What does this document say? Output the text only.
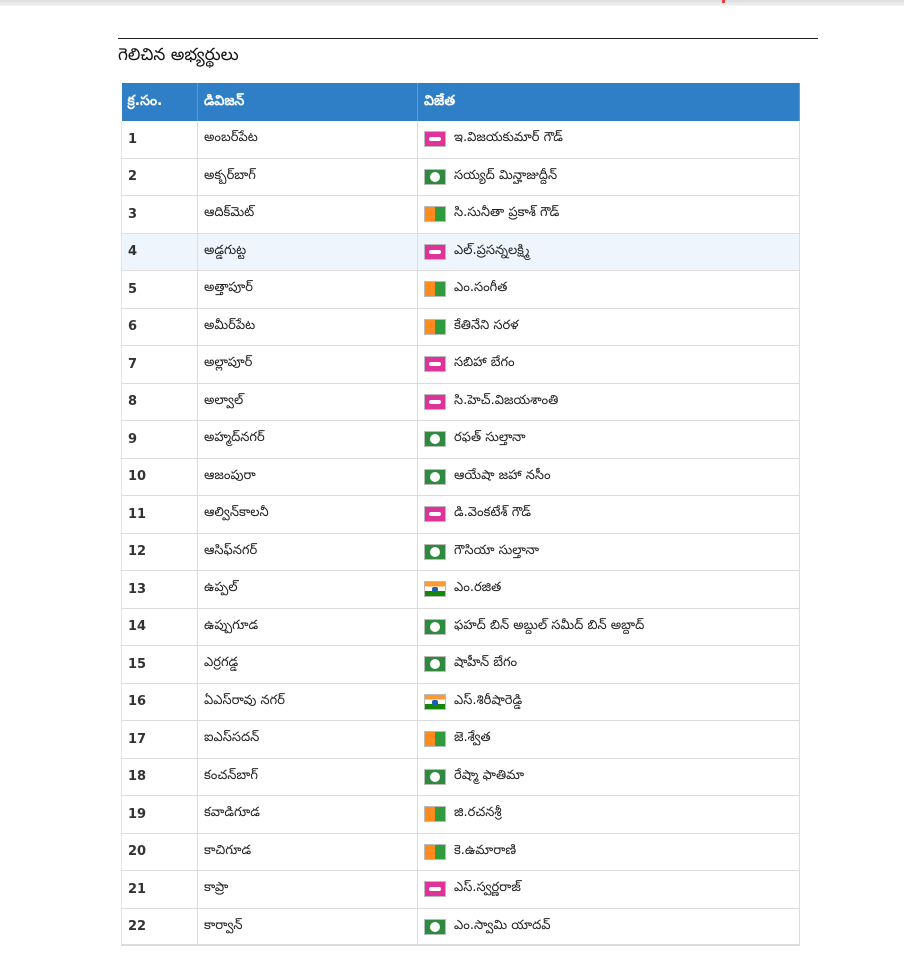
గెలిచిన అభ్యర్థులు
క్ర.సం.	డివిజన్	విజేత
1	అంబర్‌పేట	ఇ.విజయకుమార్ గౌడ్

2	అక్బర్‌బాగ్	సయ్యద్ మిన్హాజుద్దీన్

3	ఆదిక్‌మెట్	సి.సునీతా ప్రకాశ్ గౌడ్

4	అడ్డగుట్ట	ఎల్.ప్రసన్నలక్ష్మి

5	అత్తాపూర్	ఎం.సంగీత

6	అమీర్‌పేట	కేతినేని సరళ

7	అల్లాపూర్	సబిహా బేగం

8	అల్వాల్	సి.హెచ్.విజయశాంతి

9	అహ్మద్‌నగర్	రఫత్ సుల్తానా

10	ఆజంపురా	ఆయేషా జహా నసీం

11	ఆల్విన్‌కాలనీ	డి.వెంకటేశ్ గౌడ్

12	ఆసిఫ్‌నగర్	గౌసియా సుల్తానా

13	ఉప్పల్	ఎం.రజిత

14	ఉప్పుగూడ	ఫహద్ బిన్ అబ్దుల్ సమీద్ బిన్ అబ్దాద్

15	ఎర్రగడ్డ	షాహీన్ బేగం

16	ఏఎస్‌రావు నగర్	ఎస్.శిరీషారెడ్డి

17	ఐఎస్‌సదన్	జె.శ్వేత

18	కంచన్‌బాగ్	రేష్మా ఫాతిమా

19	కవాడిగూడ	జి.రచనశ్రీ

20	కాచిగూడ	కె.ఉమారాణి

21	కాప్రా	ఎస్.స్వర్ణరాజ్

22	కార్వాన్	ఎం.స్వామి యాదవ్
